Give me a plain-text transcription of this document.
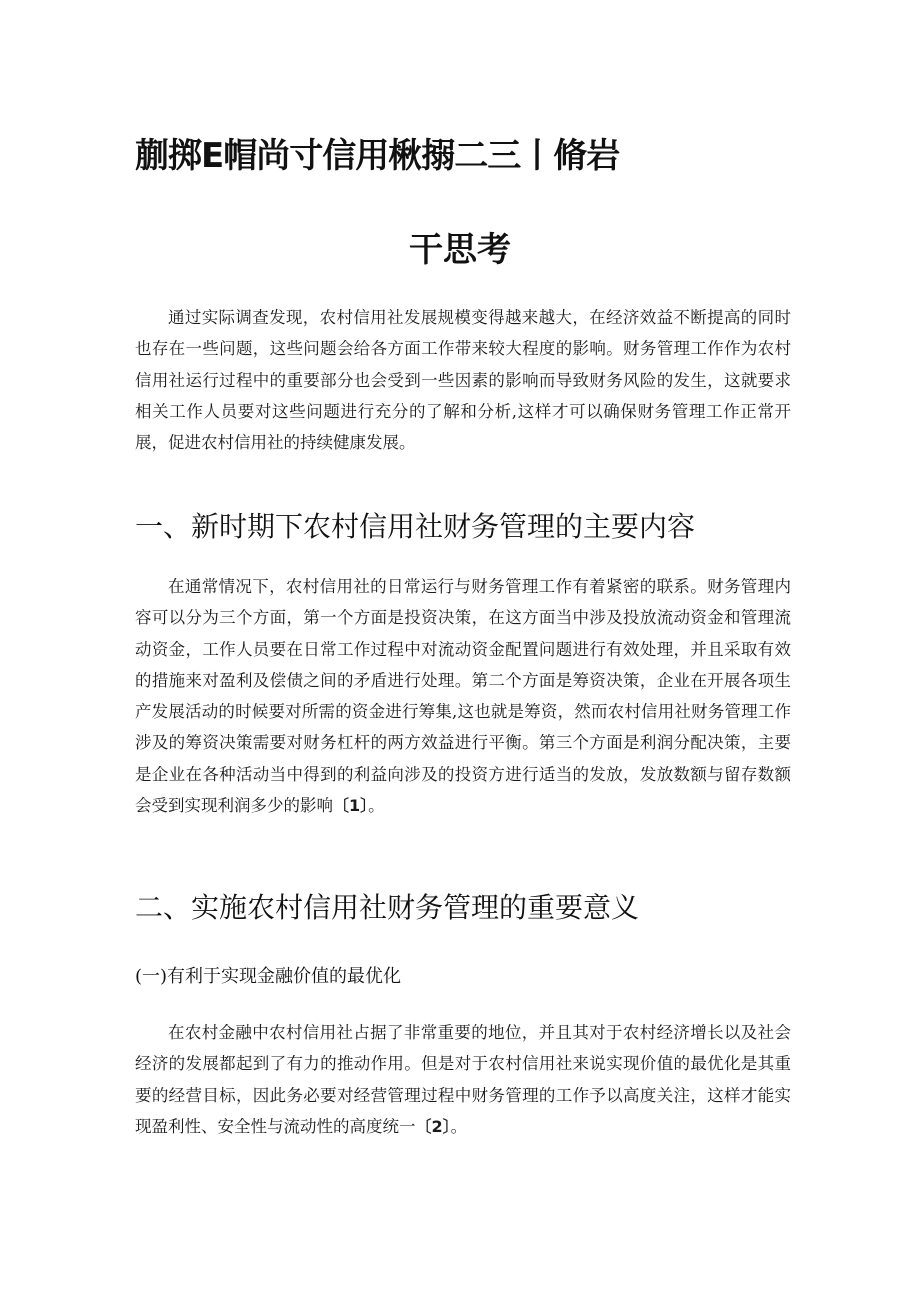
蒯掷E帽尚寸信用楸搦二三丨脩岩
干思考

通过实际调查发现，农村信用社发展规模变得越来越大，在经济效益不断提高的同时也存在一些问题，这些问题会给各方面工作带来较大程度的影响。财务管理工作作为农村信用社运行过程中的重要部分也会受到一些因素的影响而导致财务风险的发生，这就要求相关工作人员要对这些问题进行充分的了解和分析,这样才可以确保财务管理工作正常开展，促进农村信用社的持续健康发展。

一、新时期下农村信用社财务管理的主要内容

在通常情况下，农村信用社的日常运行与财务管理工作有着紧密的联系。财务管理内容可以分为三个方面，第一个方面是投资决策，在这方面当中涉及投放流动资金和管理流动资金，工作人员要在日常工作过程中对流动资金配置问题进行有效处理，并且采取有效的措施来对盈利及偿债之间的矛盾进行处理。第二个方面是筹资决策，企业在开展各项生产发展活动的时候要对所需的资金进行筹集,这也就是筹资，然而农村信用社财务管理工作涉及的筹资决策需要对财务杠杆的两方效益进行平衡。第三个方面是利润分配决策，主要是企业在各种活动当中得到的利益向涉及的投资方进行适当的发放，发放数额与留存数额会受到实现利润多少的影响〔1〕。

二、实施农村信用社财务管理的重要意义
(一)有利于实现金融价值的最优化

在农村金融中农村信用社占据了非常重要的地位，并且其对于农村经济增长以及社会经济的发展都起到了有力的推动作用。但是对于农村信用社来说实现价值的最优化是其重要的经营目标，因此务必要对经营管理过程中财务管理的工作予以高度关注，这样才能实现盈利性、安全性与流动性的高度统一〔2〕。
